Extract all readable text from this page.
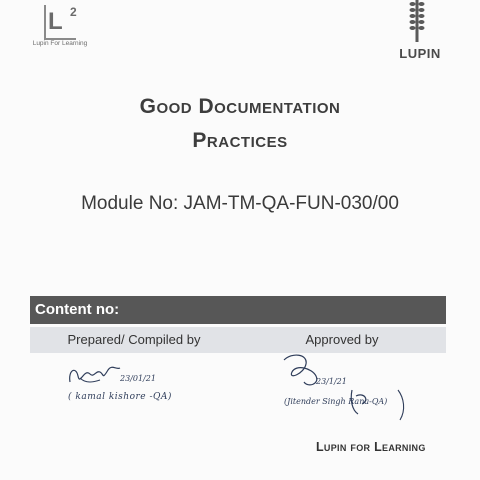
L 2
Lupin For Learning
LUPIN
Good Documentation
Practices
Module No: JAM-TM-QA-FUN-030/00
Content no:
Prepared/ Compiled by	Approved by
23/01/21
( kamal kishore -QA)
23/1/21
(Jitender Singh Rana-QA)
Lupin for Learning
